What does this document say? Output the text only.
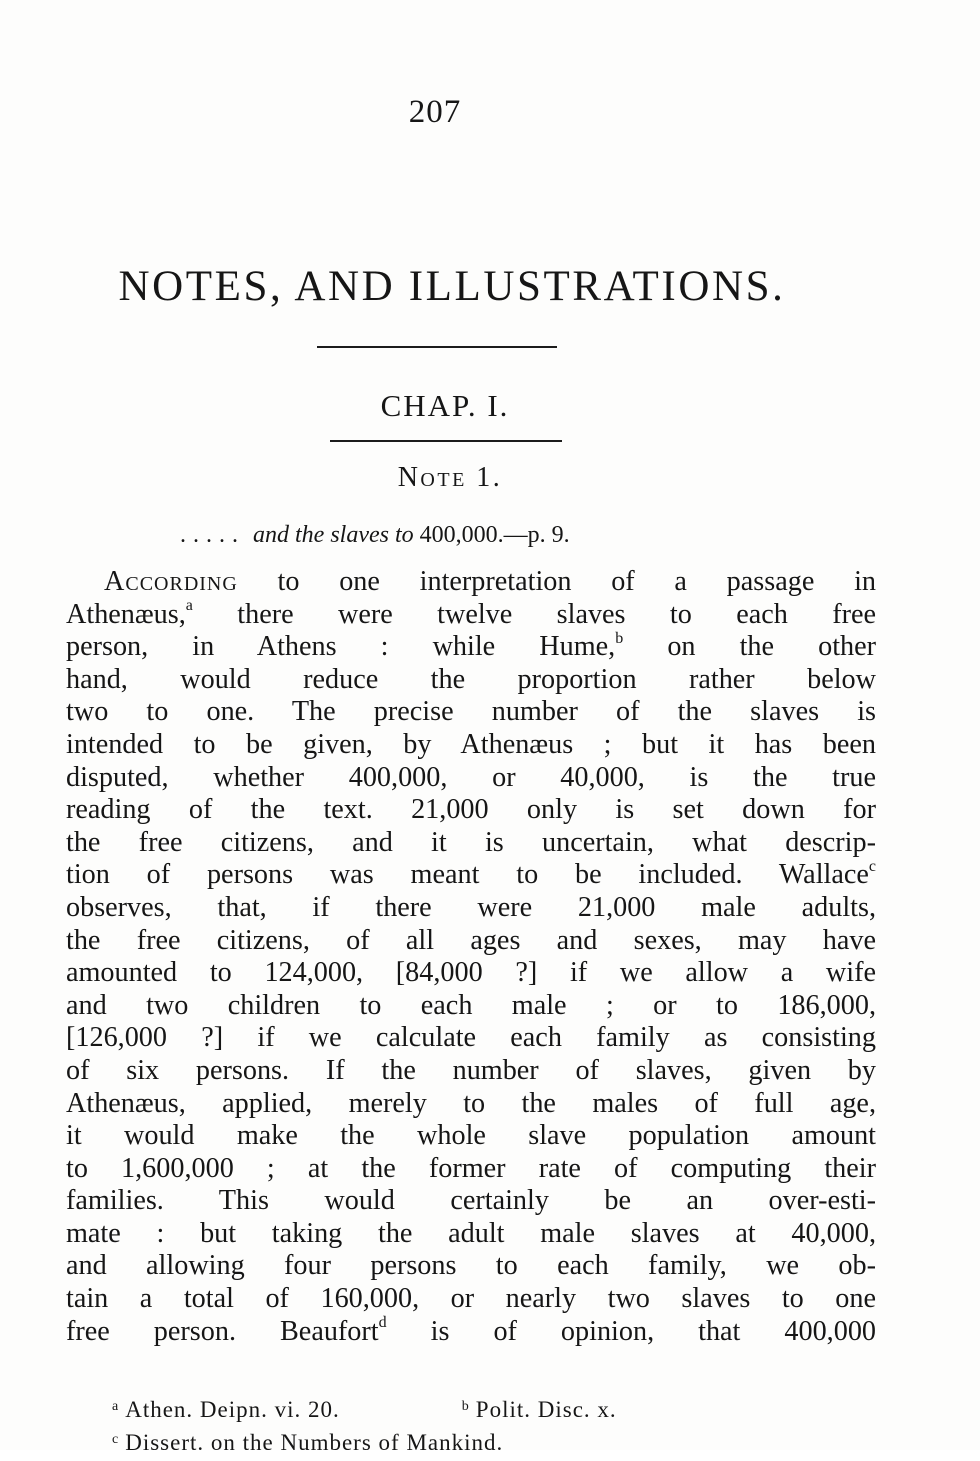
207
NOTES, AND ILLUSTRATIONS.
CHAP. I.
Note 1.
..... and the slaves to 400,000.—p. 9.
According to one interpretation of a passage in
Athenæus,$^a$ there were twelve slaves to each free
person, in Athens : while Hume,$^b$ on the other
hand, would reduce the proportion rather below
two to one. The precise number of the slaves is
intended to be given, by Athenæus ; but it has been
disputed, whether 400,000, or 40,000, is the true
reading of the text. 21,000 only is set down for
the free citizens, and it is uncertain, what descrip-
tion of persons was meant to be included. Wallace$^c$
observes, that, if there were 21,000 male adults,
the free citizens, of all ages and sexes, may have
amounted to 124,000, [84,000 ?] if we allow a wife
and two children to each male ; or to 186,000,
[126,000 ?] if we calculate each family as consisting
of six persons. If the number of slaves, given by
Athenæus, applied, merely to the males of full age,
it would make the whole slave population amount
to 1,600,000 ; at the former rate of computing their
families. This would certainly be an over-esti-
mate : but taking the adult male slaves at 40,000,
and allowing four persons to each family, we ob-
tain a total of 160,000, or nearly two slaves to one
free person. Beaufort$^d$ is of opinion, that 400,000
$^a$ Athen. Deipn. vi. 20.	$^b$ Polit. Disc. x.
$^c$ Dissert. on the Numbers of Mankind.
